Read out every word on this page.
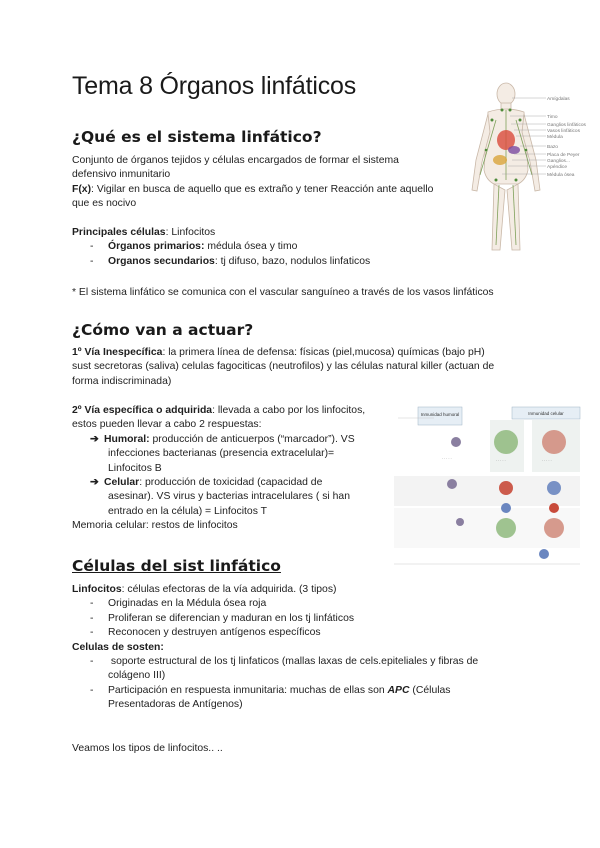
Tema 8 Órganos linfáticos	Amígdalas
Timo
Ganglios linfáticos
Vasos linfáticos
Médula
Bazo
Placa de Peyer
Ganglios...
Apéndice
Médula ósea
¿Qué es el sistema linfático?
Conjunto de órganos tejidos y células encargados de formar el sistema
defensivo inmunitario
F(x): Vigilar en busca de aquello que es extraño y tener Reacción ante aquello
que es nocivo
Principales células: Linfocitos
- Órganos primarios: médula ósea y timo
- Organos secundarios: tj difuso, bazo, nodulos linfaticos
* El sistema linfático se comunica con el vascular sanguíneo a través de los vasos linfáticos
¿Cómo van a actuar?
1º Vía Inespecífica: la primera línea de defensa: físicas (piel,mucosa) químicas (bajo pH)
sust secretoras (saliva) celulas fagociticas (neutrofilos) y las células natural killer (actuan de
forma indiscriminada)
2º Vía específica o adquirida: llevada a cabo por los linfocitos,
estos pueden llevar a cabo 2 respuestas:
➔ Humoral: producción de anticuerpos (“marcador”). VS
infecciones bacterianas (presencia extracelular)=
Linfocitos B
➔ Celular: producción de toxicidad (capacidad de
asesinar). VS virus y bacterias intracelulares ( si han
entrado en la célula) = Linfocitos T
Memoria celular: restos de linfocitos
Inmunidad humoral	Inmunidad celular
· · · · ·	· · · · ·	· · · · ·
Células del sist linfático
Linfocitos: células efectoras de la vía adquirida. (3 tipos)
- Originadas en la Médula ósea roja
- Proliferan se diferencian y maduran en los tj linfáticos
- Reconocen y destruyen antígenos específicos
Celulas de sosten:
- soporte estructural de los tj linfaticos (mallas laxas de cels.epiteliales y fibras de
colágeno III)
- Participación en respuesta inmunitaria: muchas de ellas son APC (Células
Presentadoras de Antígenos)
Veamos los tipos de linfocitos.. ..
